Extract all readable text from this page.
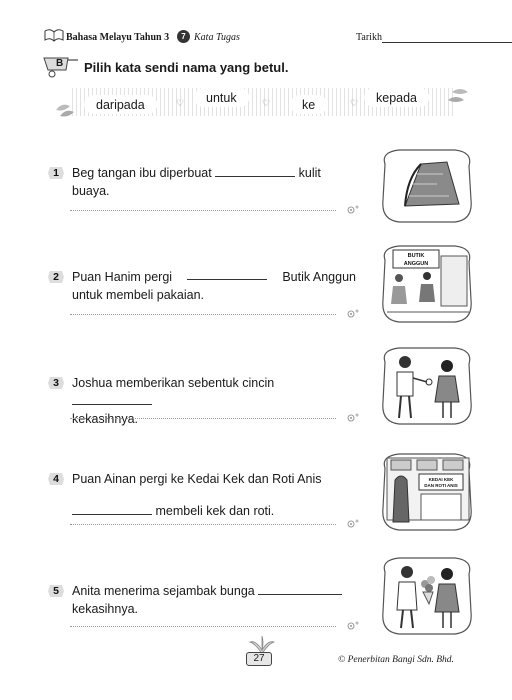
Bahasa Melayu Tahun 3	7 Kata Tugas	Tarikh
B Pilih kata sendi nama yang betul.
♡	♡	♡
daripada	untuk	ke	kepada
1	Beg tangan ibu diperbuat	kulit buaya.
2	Puan Hanim pergi	Butik Anggun
untuk membeli pakaian.
BUTIK
ANGGUN
3	Joshua memberikan sebentuk cincin
kekasihnya.
4	Puan Ainan pergi ke Kedai Kek dan Roti Anis
membeli kek dan roti.
KEDAI KEK
DAN ROTI ANIS
5	Anita menerima sejambak bunga
kekasihnya.
27	© Penerbitan Bangi Sdn. Bhd.
